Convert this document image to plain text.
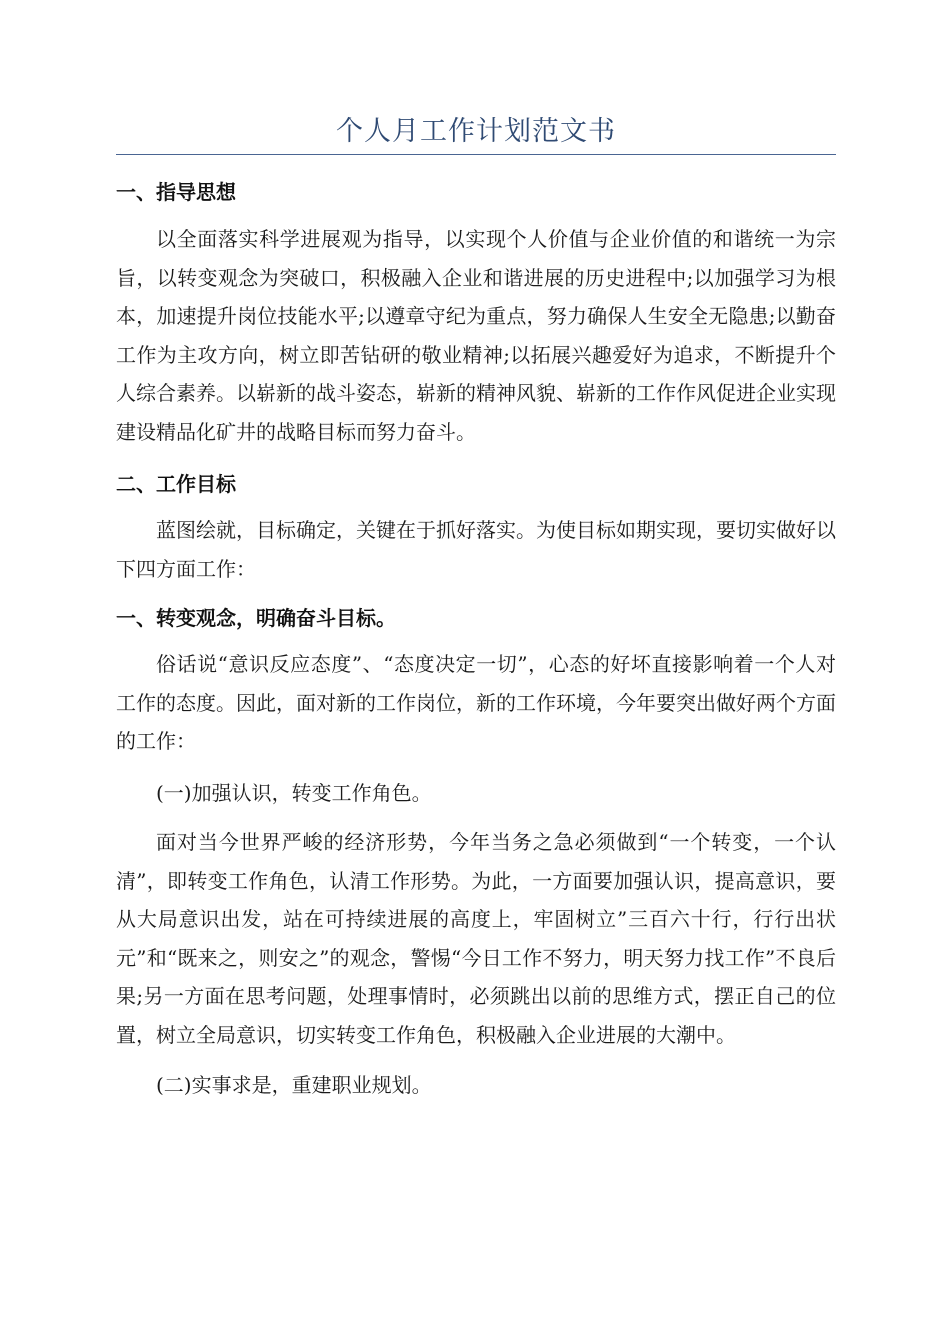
个人月工作计划范文书
一、指导思想
以全面落实科学进展观为指导，以实现个人价值与企业价值的和谐统一为宗旨，以转变观念为突破口，积极融入企业和谐进展的历史进程中;以加强学习为根本，加速提升岗位技能水平;以遵章守纪为重点，努力确保人生安全无隐患;以勤奋工作为主攻方向，树立即苦钻研的敬业精神;以拓展兴趣爱好为追求，不断提升个人综合素养。以崭新的战斗姿态，崭新的精神风貌、崭新的工作作风促进企业实现建设精品化矿井的战略目标而努力奋斗。
二、工作目标
蓝图绘就，目标确定，关键在于抓好落实。为使目标如期实现，要切实做好以下四方面工作：
一、转变观念，明确奋斗目标。
俗话说“意识反应态度”、“态度决定一切”，心态的好坏直接影响着一个人对工作的态度。因此，面对新的工作岗位，新的工作环境，今年要突出做好两个方面的工作：
(一)加强认识，转变工作角色。
面对当今世界严峻的经济形势，今年当务之急必须做到“一个转变，一个认清”，即转变工作角色，认清工作形势。为此，一方面要加强认识，提高意识，要从大局意识出发，站在可持续进展的高度上，牢固树立”三百六十行，行行出状元”和“既来之，则安之”的观念，警惕“今日工作不努力，明天努力找工作”不良后果;另一方面在思考问题，处理事情时，必须跳出以前的思维方式，摆正自己的位置，树立全局意识，切实转变工作角色，积极融入企业进展的大潮中。
(二)实事求是，重建职业规划。
